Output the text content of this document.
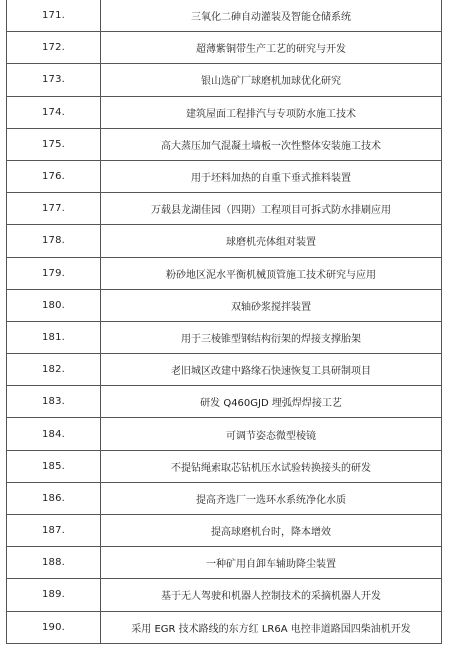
171.	三氧化二砷自动灌装及智能仓储系统
172.	超薄紫铜带生产工艺的研究与开发
173.	银山选矿厂球磨机加球优化研究
174.	建筑屋面工程排汽与专项防水施工技术
175.	高大蒸压加气混凝土墙板一次性整体安装施工技术
176.	用于坯料加热的自重下垂式推料装置
177.	万载县龙湖佳园（四期）工程项目可拆式防水排刷应用
178.	球磨机壳体组对装置
179.	粉砂地区泥水平衡机械顶管施工技术研究与应用
180.	双轴砂浆搅拌装置
181.	用于三棱锥型钢结构衍架的焊接支撑胎架
182.	老旧城区改建中路缘石快速恢复工具研制项目
183.	研发 Q460GJD 埋弧焊焊接工艺
184.	可调节姿态微型棱镜
185.	不提钻绳索取芯钻机压水试验转换接头的研发
186.	提高齐选厂一选环水系统净化水质
187.	提高球磨机台时，降本增效
188.	一种矿用自卸车辅助降尘装置
189.	基于无人驾驶和机器人控制技术的采摘机器人开发
190.	采用 EGR 技术路线的东方红 LR6A 电控非道路国四柴油机开发
